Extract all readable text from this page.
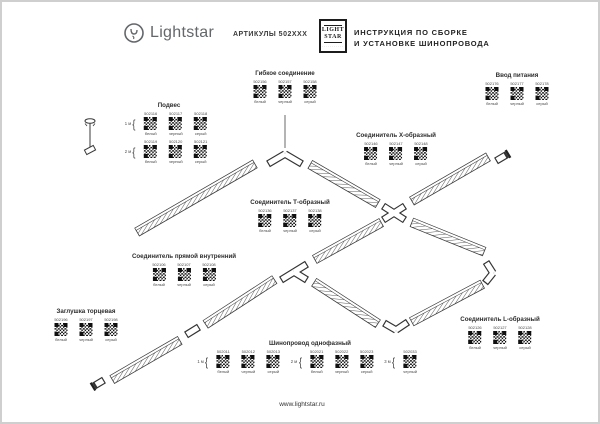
Lightstar	АРТИКУЛЫ 502ХХХ
LIGHT
STAR
···········
ИНСТРУКЦИЯ ПО СБОРКЕ
И УСТАНОВКЕ ШИНОПРОВОДА
Подвес
1 м {
502116
белый
502117
черный
502118
серый
2 м {
502119
белый
502120
черный
502121
серый
Гибкое соединение
502156
белый
502157
черный
502158
серый
Ввод питания
502176
белый
502177
черный
502178
серый
Соединитель Х-образный
502146
белый
502147
черный
502148
серый
Соединитель Т-образный
502136
белый
502137
черный
502138
серый
Соединитель прямой внутренний
502106
белый
502107
черный
502108
серый
Заглушка торцевая
502196
белый
502197
черный
502198
серый
Соединитель L-образный
502126
белый
502127
черный
502128
серый
Шинопровод однофазный
1 м {
502011
белый
502012
черный
502013
серый
2 м {
502021
белый
502022
черный
502023
серый
3 м {
502033
черный
www.lightstar.ru
